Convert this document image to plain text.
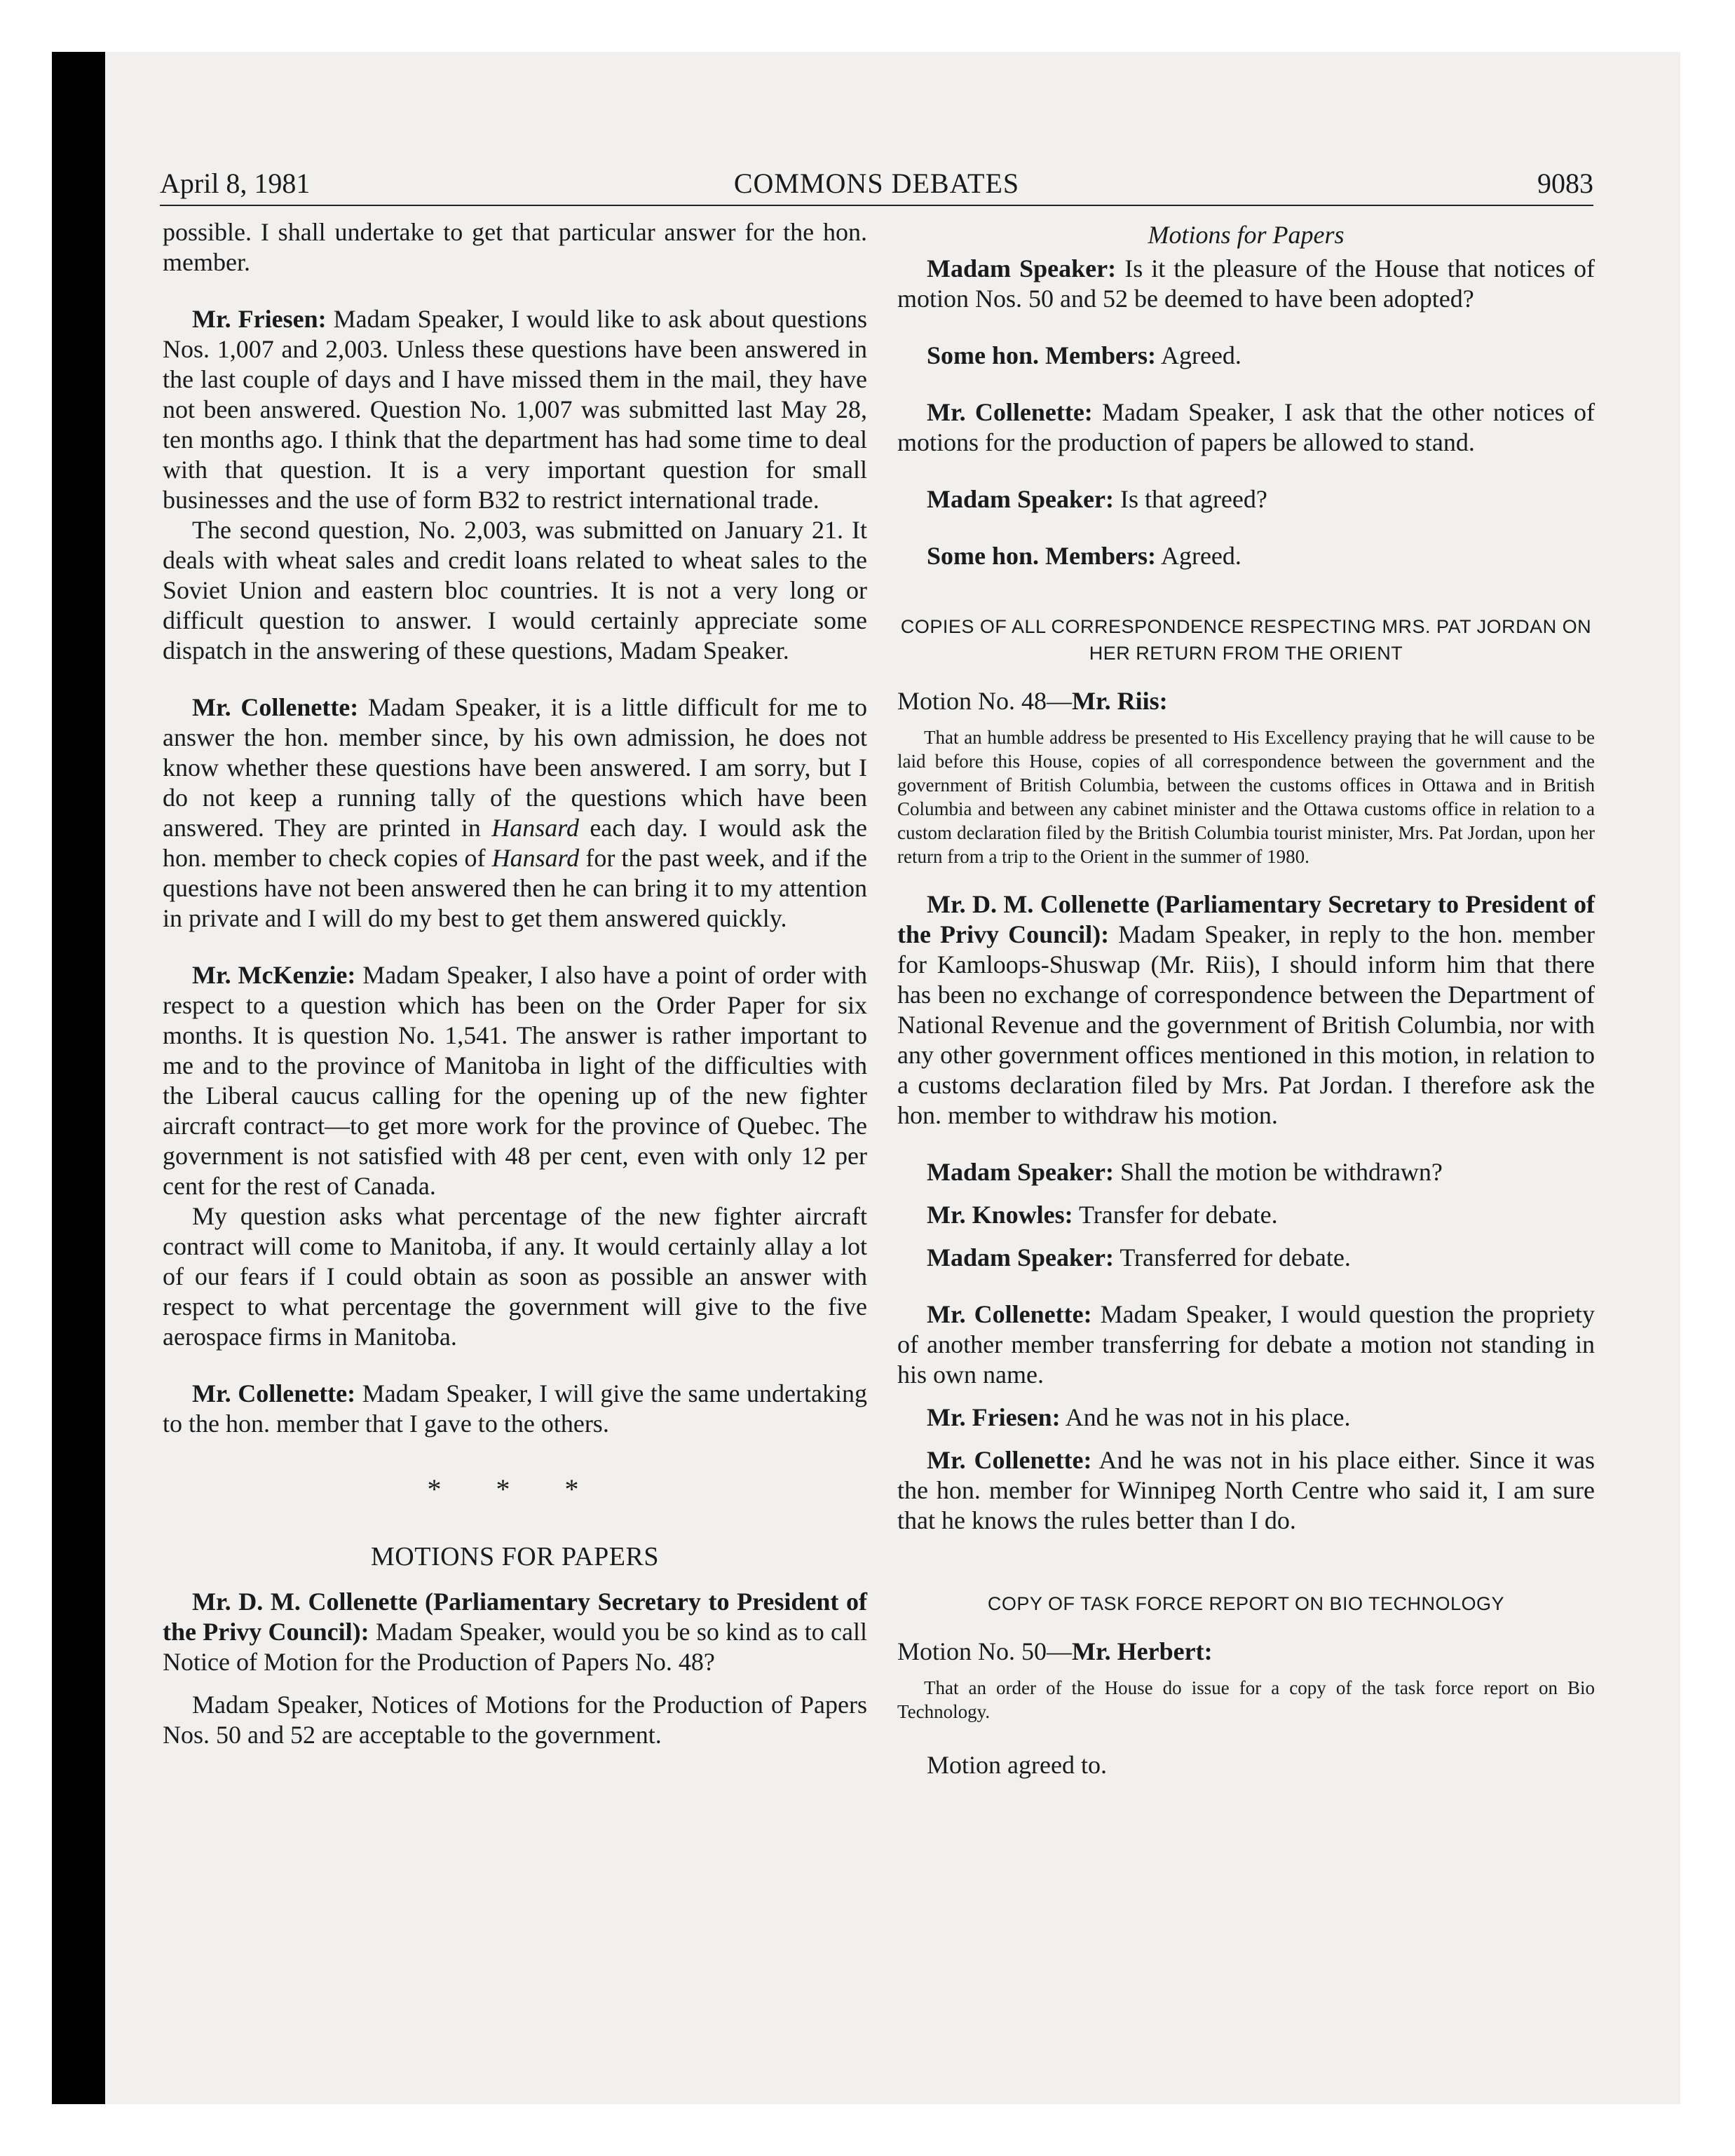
April 8, 1981	COMMONS DEBATES	9083

possible. I shall undertake to get that particular answer for the hon. member.

Mr. Friesen: Madam Speaker, I would like to ask about questions Nos. 1,007 and 2,003. Unless these questions have been answered in the last couple of days and I have missed them in the mail, they have not been answered. Question No. 1,007 was submitted last May 28, ten months ago. I think that the department has had some time to deal with that question. It is a very important question for small businesses and the use of form B32 to restrict international trade.

The second question, No. 2,003, was submitted on January 21. It deals with wheat sales and credit loans related to wheat sales to the Soviet Union and eastern bloc countries. It is not a very long or difficult question to answer. I would certainly appreciate some dispatch in the answering of these questions, Madam Speaker.

Mr. Collenette: Madam Speaker, it is a little difficult for me to answer the hon. member since, by his own admission, he does not know whether these questions have been answered. I am sorry, but I do not keep a running tally of the questions which have been answered. They are printed in Hansard each day. I would ask the hon. member to check copies of Hansard for the past week, and if the questions have not been answered then he can bring it to my attention in private and I will do my best to get them answered quickly.

Mr. McKenzie: Madam Speaker, I also have a point of order with respect to a question which has been on the Order Paper for six months. It is question No. 1,541. The answer is rather important to me and to the province of Manitoba in light of the difficulties with the Liberal caucus calling for the opening up of the new fighter aircraft contract—to get more work for the province of Quebec. The government is not satisfied with 48 per cent, even with only 12 per cent for the rest of Canada.

My question asks what percentage of the new fighter aircraft contract will come to Manitoba, if any. It would certainly allay a lot of our fears if I could obtain as soon as possible an answer with respect to what percentage the government will give to the five aerospace firms in Manitoba.

Mr. Collenette: Madam Speaker, I will give the same undertaking to the hon. member that I gave to the others.

* * *
MOTIONS FOR PAPERS

Mr. D. M. Collenette (Parliamentary Secretary to President of the Privy Council): Madam Speaker, would you be so kind as to call Notice of Motion for the Production of Papers No. 48?

Madam Speaker, Notices of Motions for the Production of Papers Nos. 50 and 52 are acceptable to the government.

Motions for Papers

Madam Speaker: Is it the pleasure of the House that notices of motion Nos. 50 and 52 be deemed to have been adopted?

Some hon. Members: Agreed.

Mr. Collenette: Madam Speaker, I ask that the other notices of motions for the production of papers be allowed to stand.

Madam Speaker: Is that agreed?

Some hon. Members: Agreed.

COPIES OF ALL CORRESPONDENCE RESPECTING MRS. PAT JORDAN ON HER RETURN FROM THE ORIENT
Motion No. 48—Mr. Riis:

That an humble address be presented to His Excellency praying that he will cause to be laid before this House, copies of all correspondence between the government and the government of British Columbia, between the customs offices in Ottawa and in British Columbia and between any cabinet minister and the Ottawa customs office in relation to a custom declaration filed by the British Columbia tourist minister, Mrs. Pat Jordan, upon her return from a trip to the Orient in the summer of 1980.

Mr. D. M. Collenette (Parliamentary Secretary to President of the Privy Council): Madam Speaker, in reply to the hon. member for Kamloops-Shuswap (Mr. Riis), I should inform him that there has been no exchange of correspondence between the Department of National Revenue and the government of British Columbia, nor with any other government offices mentioned in this motion, in relation to a customs declaration filed by Mrs. Pat Jordan. I therefore ask the hon. member to withdraw his motion.

Madam Speaker: Shall the motion be withdrawn?

Mr. Knowles: Transfer for debate.

Madam Speaker: Transferred for debate.

Mr. Collenette: Madam Speaker, I would question the propriety of another member transferring for debate a motion not standing in his own name.

Mr. Friesen: And he was not in his place.

Mr. Collenette: And he was not in his place either. Since it was the hon. member for Winnipeg North Centre who said it, I am sure that he knows the rules better than I do.

COPY OF TASK FORCE REPORT ON BIO TECHNOLOGY
Motion No. 50—Mr. Herbert:

That an order of the House do issue for a copy of the task force report on Bio Technology.

Motion agreed to.
